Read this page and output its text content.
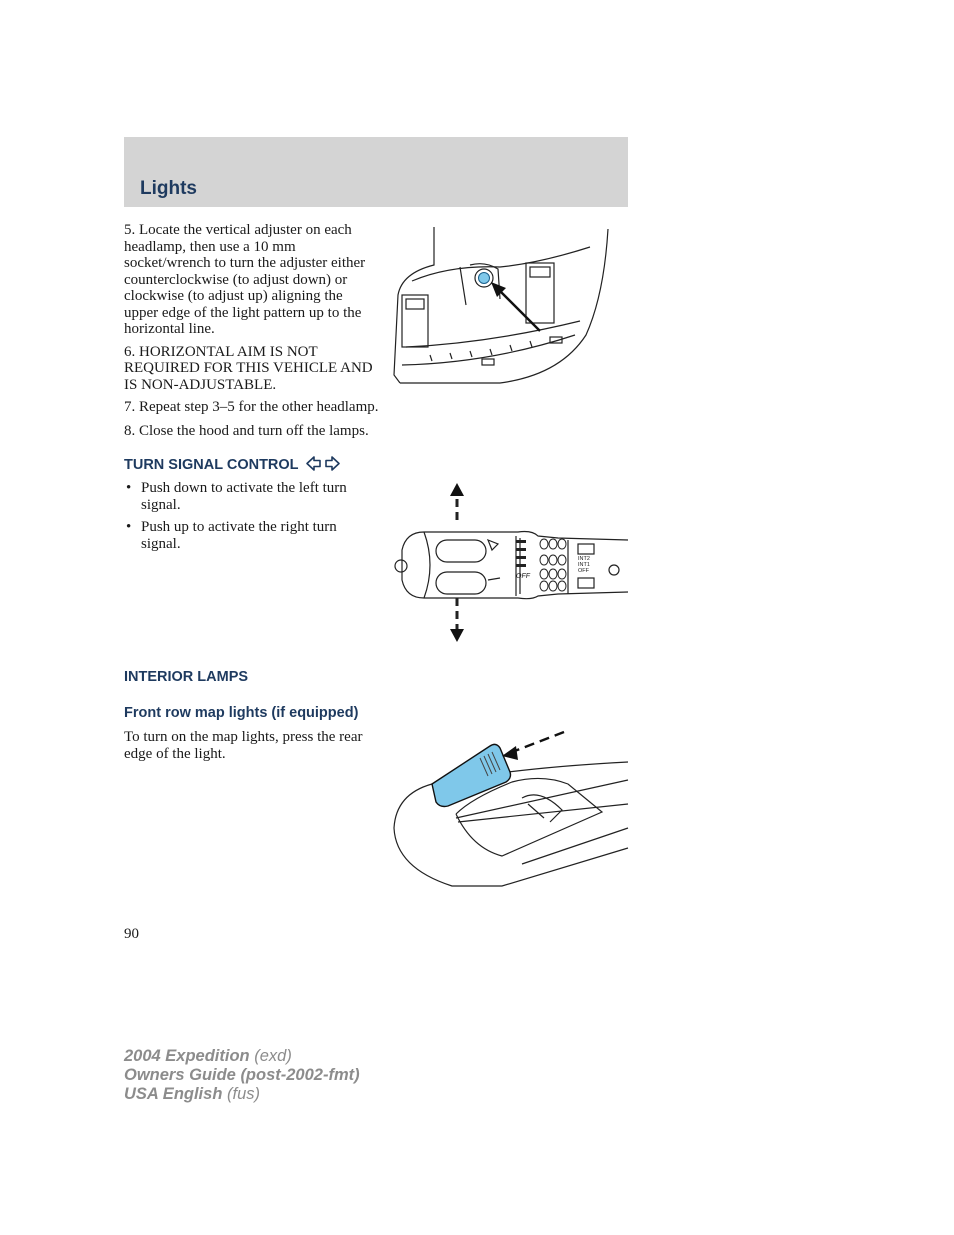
Lights

5. Locate the vertical adjuster on each headlamp, then use a 10 mm socket/wrench to turn the adjuster either counterclockwise (to adjust down) or clockwise (to adjust up) aligning the upper edge of the light pattern up to the horizontal line.

6. HORIZONTAL AIM IS NOT REQUIRED FOR THIS VEHICLE AND IS NON-ADJUSTABLE.

7. Repeat step 3–5 for the other headlamp.

8. Close the hood and turn off the lamps.

TURN SIGNAL CONTROL
• Push down to activate the left turn signal.
• Push up to activate the right turn signal.
OFF
INT2
INT1
OFF
INTERIOR LAMPS
Front row map lights (if equipped)

To turn on the map lights, press the rear edge of the light.

90
2004 Expedition (exd)
Owners Guide (post-2002-fmt)
USA English (fus)
